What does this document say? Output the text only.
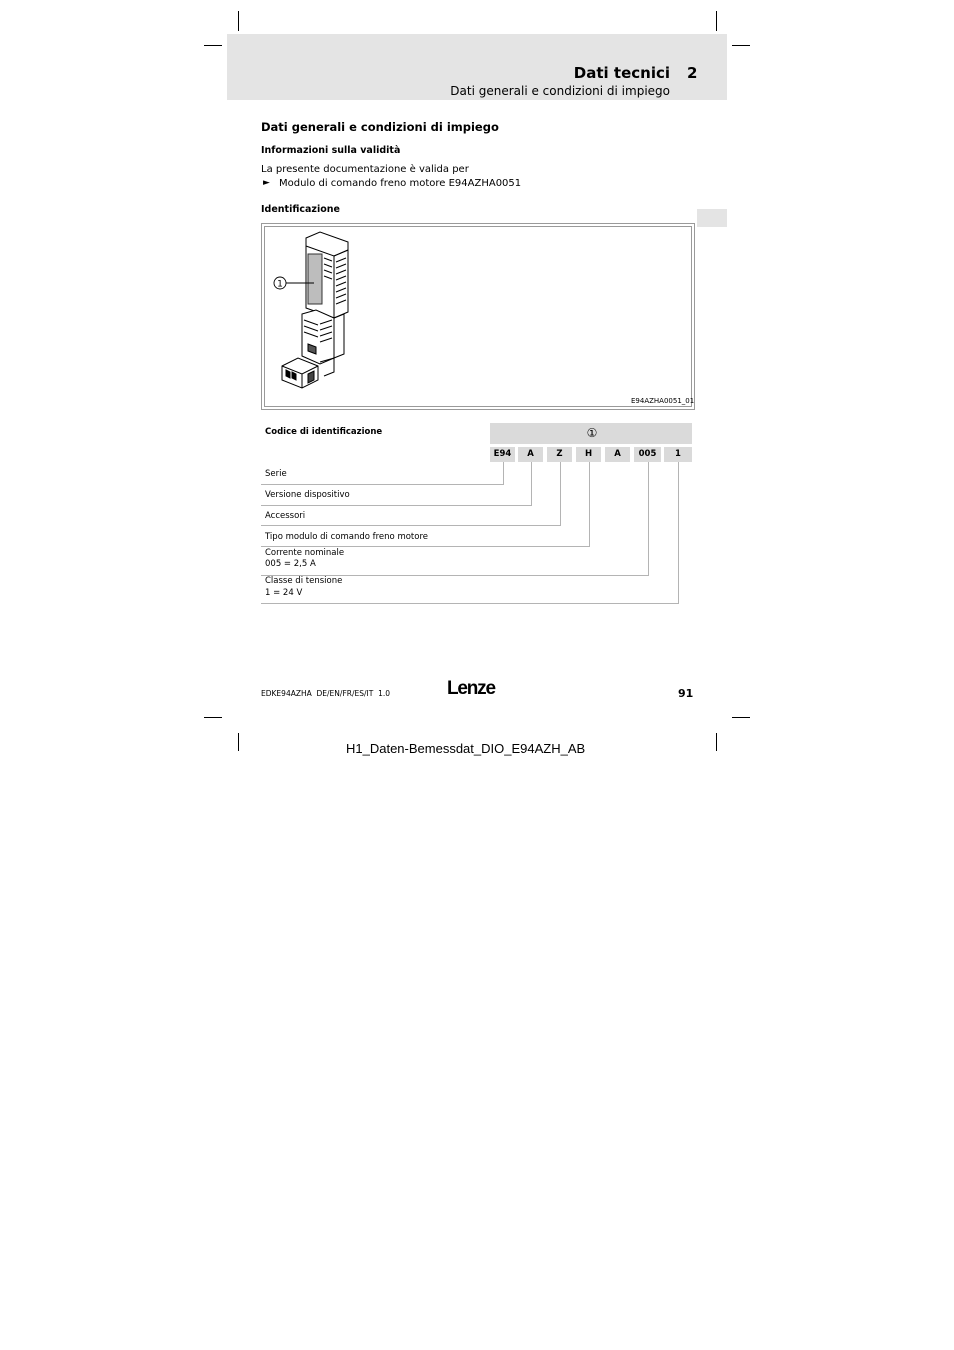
Dati tecnici 2
Dati generali e condizioni di impiego
Dati generali e condizioni di impiego
Informazioni sulla validità
La presente documentazione è valida per
► Modulo di comando freno motore E94AZHA0051
Identificazione
1
E94AZHA0051_01
Codice di identificazione	①
E94	A	Z	H	A	005	1
Serie
Versione dispositivo
Accessori
Tipo modulo di comando freno motore
Corrente nominale
005 = 2,5 A
Classe di tensione
1 = 24 V
EDKE94AZHA  DE/EN/FR/ES/IT  1.0	Lenze	91
H1_Daten-Bemessdat_DIO_E94AZH_AB
